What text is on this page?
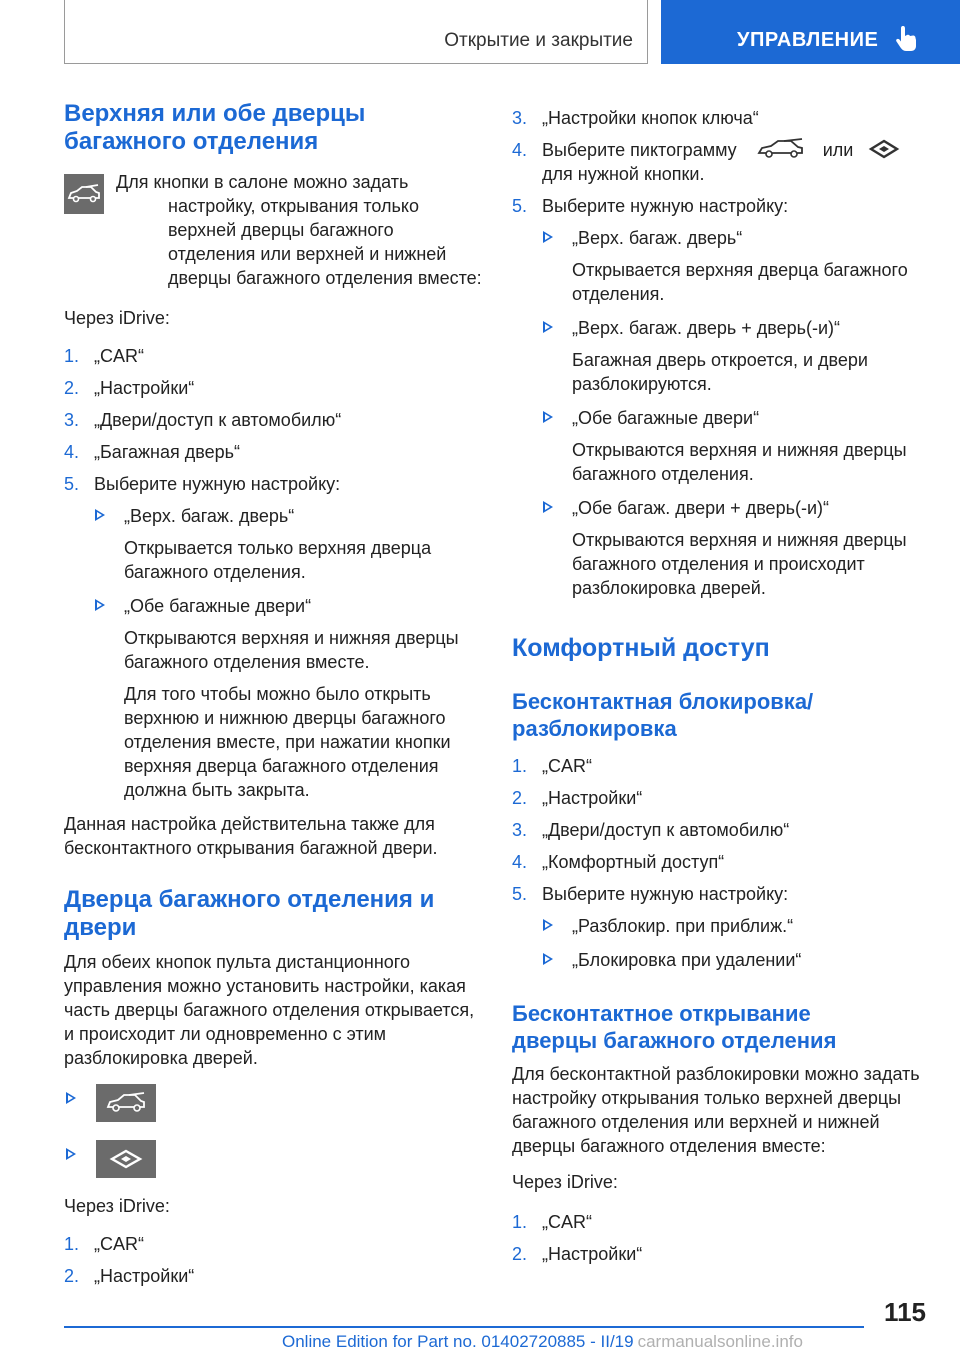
Открытие и закрытие	УПРАВЛЕНИЕ
Верхняя или обе дверцы багажного отделения

Для кнопки в салоне можно задать настройку, открывания только верхней дверцы багажного отделения или верхней и нижней дверцы багажного отделения вместе:

Через iDrive:

1. „CAR“
2. „Настройки“
3. „Двери/доступ к автомобилю“
4. „Багажная дверь“
5. Выберите нужную настройку:
„Верх. багаж. дверь“
Открывается только верхняя дверца багажного отделения.
„Обе багажные двери“
Открываются верхняя и нижняя дверцы багажного отделения вместе.
Для того чтобы можно было открыть верхнюю и нижнюю дверцы багажного отделения вместе, при нажатии кнопки верхняя дверца багажного отделения должна быть закрыта.

Данная настройка действительна также для бесконтактного открывания багажной двери.

Дверца багажного отделения и двери

Для обеих кнопок пульта дистанционного управления можно установить настройки, какая часть дверцы багажного отделения открывается, и происходит ли одновременно с этим разблокировка дверей.

Через iDrive:

1. „CAR“
2. „Настройки“
3. „Настройки кнопок ключа“
4. Выберите пиктограмму	или
для нужной кнопки.
5. Выберите нужную настройку:
„Верх. багаж. дверь“
Открывается верхняя дверца багажного отделения.
„Верх. багаж. дверь + дверь(-и)“
Багажная дверь откроется, и двери разблокируются.
„Обе багажные двери“
Открываются верхняя и нижняя дверцы багажного отделения.
„Обе багаж. двери + дверь(-и)“
Открываются верхняя и нижняя дверцы багажного отделения и происходит разблокировка дверей.
Комфортный доступ
Бесконтактная блокировка/разблокировка
1. „CAR“
2. „Настройки“
3. „Двери/доступ к автомобилю“
4. „Комфортный доступ“
5. Выберите нужную настройку:
„Разблокир. при приближ.“
„Блокировка при удалении“
Бесконтактное открывание дверцы багажного отделения

Для бесконтактной разблокировки можно задать настройку открывания только верхней дверцы багажного отделения или верхней и нижней дверцы багажного отделения вместе:

Через iDrive:

1. „CAR“
2. „Настройки“
115
Online Edition for Part no. 01402720885 - II/19 carmanualsonline.info
